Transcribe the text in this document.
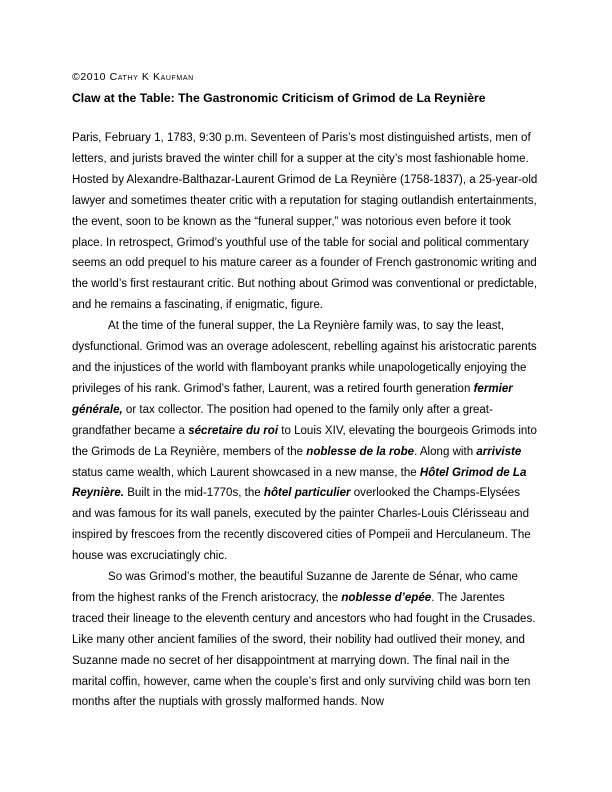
©2010 Cathy K Kaufman
Claw at the Table: The Gastronomic Criticism of Grimod de La Reynière

Paris, February 1, 1783, 9:30 p.m. Seventeen of Paris’s most distinguished artists, men of letters, and jurists braved the winter chill for a supper at the city’s most fashionable home. Hosted by Alexandre-Balthazar-Laurent Grimod de La Reynière (1758-1837), a 25-year-old lawyer and sometimes theater critic with a reputation for staging outlandish entertainments, the event, soon to be known as the “funeral supper,” was notorious even before it took place. In retrospect, Grimod’s youthful use of the table for social and political commentary seems an odd prequel to his mature career as a founder of French gastronomic writing and the world’s first restaurant critic. But nothing about Grimod was conventional or predictable, and he remains a fascinating, if enigmatic, figure.

At the time of the funeral supper, the La Reynière family was, to say the least, dysfunctional. Grimod was an overage adolescent, rebelling against his aristocratic parents and the injustices of the world with flamboyant pranks while unapologetically enjoying the privileges of his rank. Grimod’s father, Laurent, was a retired fourth generation fermier générale, or tax collector. The position had opened to the family only after a great-grandfather became a sécretaire du roi to Louis XIV, elevating the bourgeois Grimods into the Grimods de La Reynière, members of the noblesse de la robe. Along with arriviste status came wealth, which Laurent showcased in a new manse, the Hôtel Grimod de La Reynière. Built in the mid-1770s, the hôtel particulier overlooked the Champs-Elysées and was famous for its wall panels, executed by the painter Charles-Louis Clérisseau and inspired by frescoes from the recently discovered cities of Pompeii and Herculaneum. The house was excruciatingly chic.

So was Grimod’s mother, the beautiful Suzanne de Jarente de Sénar, who came from the highest ranks of the French aristocracy, the noblesse d’epée. The Jarentes traced their lineage to the eleventh century and ancestors who had fought in the Crusades. Like many other ancient families of the sword, their nobility had outlived their money, and Suzanne made no secret of her disappointment at marrying down. The final nail in the marital coffin, however, came when the couple’s first and only surviving child was born ten months after the nuptials with grossly malformed hands. Now
